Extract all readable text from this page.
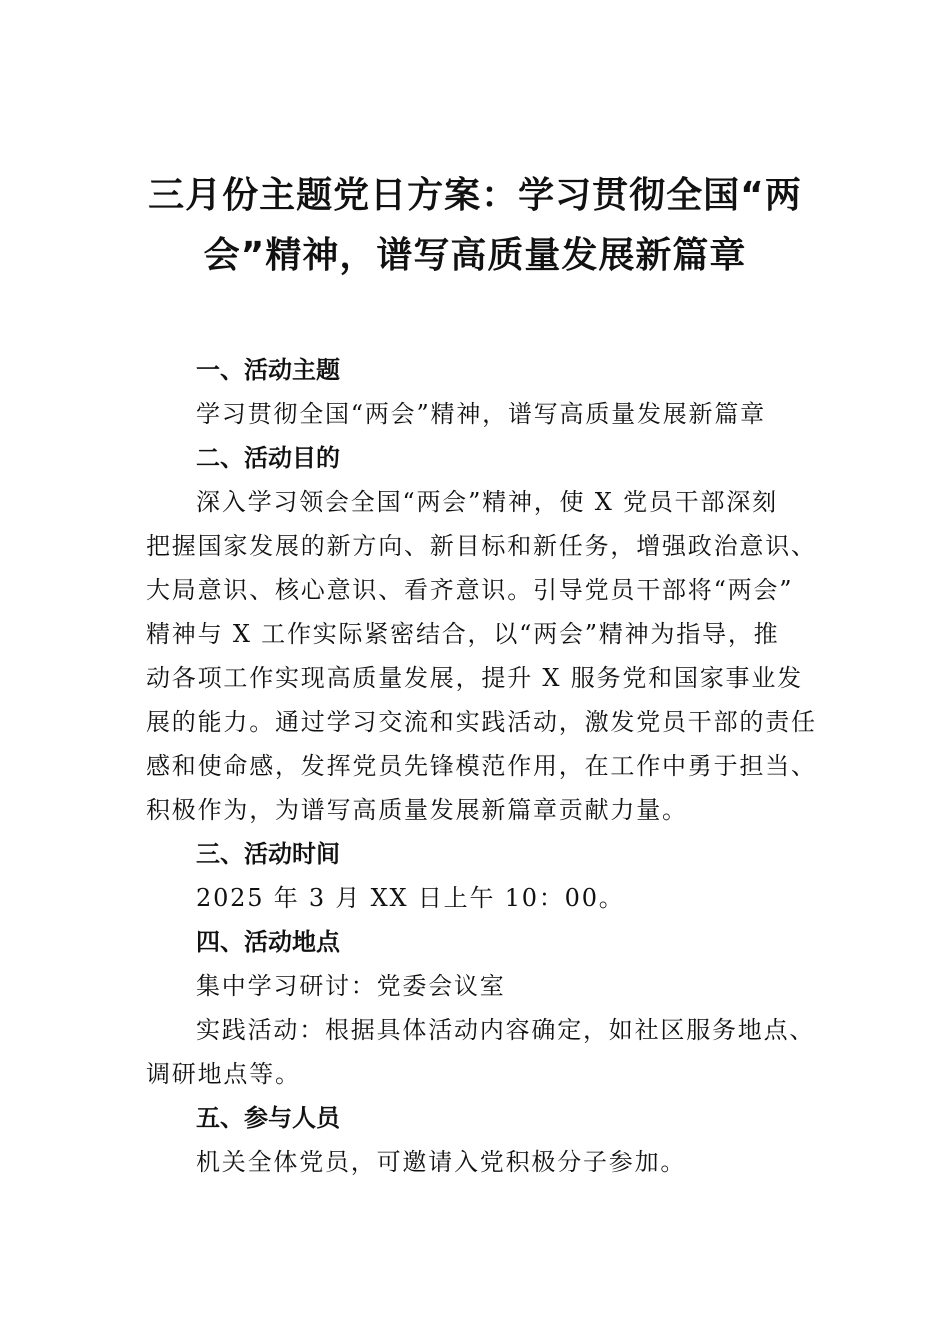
三月份主题党日方案：学习贯彻全国“两
会”精神，谱写高质量发展新篇章

一、活动主题

学习贯彻全国“两会”精神，谱写高质量发展新篇章

二、活动目的

深入学习领会全国“两会”精神，使 X 党员干部深刻
把握国家发展的新方向、新目标和新任务，增强政治意识、
大局意识、核心意识、看齐意识。引导党员干部将“两会”
精神与 X 工作实际紧密结合，以“两会”精神为指导，推
动各项工作实现高质量发展，提升 X 服务党和国家事业发
展的能力。通过学习交流和实践活动，激发党员干部的责任
感和使命感，发挥党员先锋模范作用，在工作中勇于担当、
积极作为，为谱写高质量发展新篇章贡献力量。

三、活动时间

2025 年 3 月 XX 日上午 10：00。

四、活动地点

集中学习研讨：党委会议室

实践活动：根据具体活动内容确定，如社区服务地点、
调研地点等。

五、参与人员

机关全体党员，可邀请入党积极分子参加。
